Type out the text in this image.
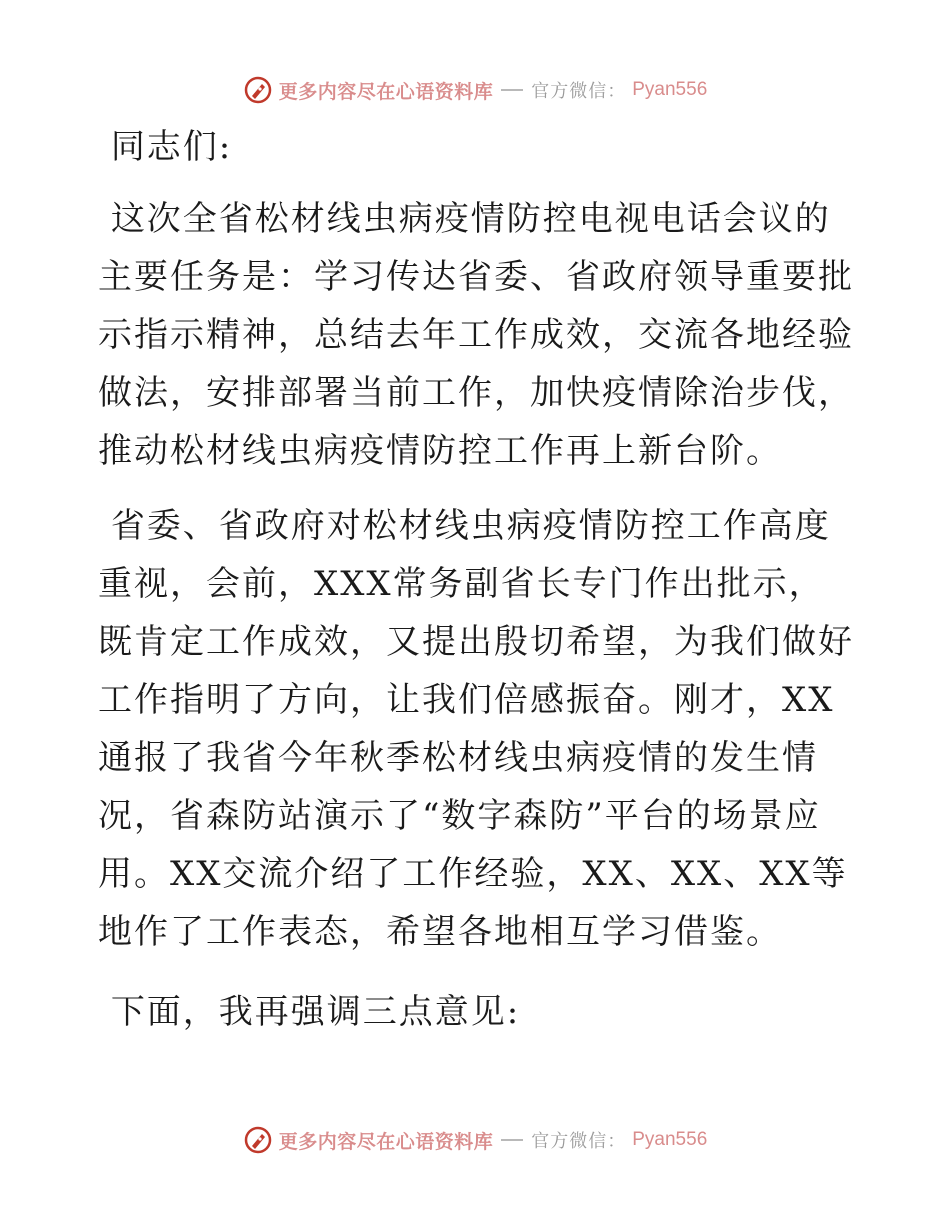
更多内容尽在心语资料库 官方微信： Pyan556

同志们:

这次全省松材线虫病疫情防控电视电话会议的主要任务是：学习传达省委、省政府领导重要批示指示精神，总结去年工作成效，交流各地经验做法，安排部署当前工作，加快疫情除治步伐，推动松材线虫病疫情防控工作再上新台阶。

省委、省政府对松材线虫病疫情防控工作高度重视，会前，XXX常务副省长专门作出批示，既肯定工作成效，又提出殷切希望，为我们做好工作指明了方向，让我们倍感振奋。刚才，XX通报了我省今年秋季松材线虫病疫情的发生情况，省森防站演示了“数字森防”平台的场景应用。XX交流介绍了工作经验，XX、XX、XX等地作了工作表态，希望各地相互学习借鉴。

下面，我再强调三点意见:

更多内容尽在心语资料库 官方微信： Pyan556
